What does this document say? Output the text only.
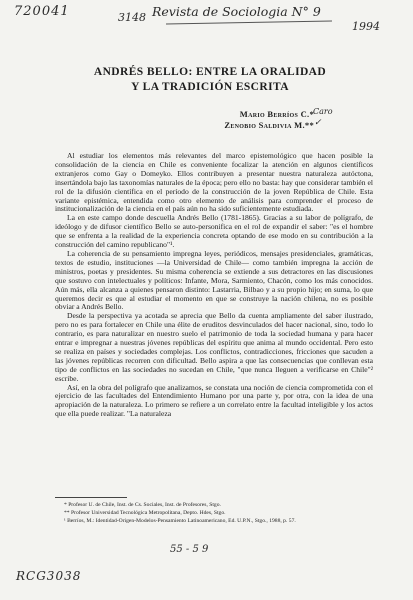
720041	3148 Revista de Sociologia N° 9
1994
ANDRÉS BELLO: ENTRE LA ORALIDAD
Y LA TRADICIÓN ESCRITA
Mario Berríos C.*
Zenobio Saldivia M.**
Caro
✓

Al estudiar los elementos más relevantes del marco epistemológico que hacen posible la consolidación de la ciencia en Chile es conveniente focalizar la atención en algunos científicos extranjeros como Gay o Domeyko. Ellos contribuyen a presentar nuestra naturaleza autóctona, insertándola bajo las taxonomías naturales de la época; pero ello no basta: hay que considerar también el rol de la difusión científica en el período de la construcción de la joven República de Chile. Esta variante epistémica, entendida como otro elemento de análisis para comprender el proceso de institucionalización de la ciencia en el país aún no ha sido suficientemente estudiada.

La en este campo donde descuella Andrés Bello (1781-1865). Gracias a su labor de polígrafo, de ideólogo y de difusor científico Bello se auto-personifica en el rol de expandir el saber: "es el hombre que se enfrenta a la realidad de la experiencia concreta optando de ese modo en su contribución a la construcción del camino republicano"¹.

La coherencia de su pensamiento impregna leyes, periódicos, mensajes presidenciales, gramáticas, textos de estudio, instituciones —la Universidad de Chile— como también impregna la acción de ministros, poetas y presidentes. Su misma coherencia se extiende a sus detractores en las discusiones que sostuvo con intelectuales y políticos: Infante, Mora, Sarmiento, Chacón, como los más conocidos. Aún más, ella alcanza a quienes pensaron distinto: Lastarria, Bilbao y a su propio hijo; en suma, lo que queremos decir es que al estudiar el momento en que se construye la nación chilena, no es posible obviar a Andrés Bello.

Desde la perspectiva ya acotada se aprecia que Bello da cuenta ampliamente del saber ilustrado, pero no es para fortalecer en Chile una élite de eruditos desvinculados del hacer nacional, sino, todo lo contrario, es para naturalizar en nuestro suelo el patrimonio de toda la sociedad humana y para hacer entrar e impregnar a nuestras jóvenes repúblicas del espíritu que anima al mundo occidental. Pero esto se realiza en países y sociedades complejas. Los conflictos, contradicciones, fricciones que sacuden a las jóvenes repúblicas recorren con dificultad. Bello aspira a que las consecuencias que conllevan esta tipo de conflictos en las sociedades no sucedan en Chile, "que nunca lleguen a verificarse en Chile"² escribe.

Así, en la obra del polígrafo que analizamos, se constata una noción de ciencia comprometida con el ejercicio de las facultades del Entendimiento Humano por una parte y, por otra, con la idea de una apropiación de la naturaleza. Lo primero se refiere a un correlato entre la facultad inteligible y los actos que ella puede realizar. "La naturaleza

* Profesor U. de Chile, Inst. de Cs. Sociales, Inst. de Profesores, Stgo.

** Profesor Universidad Tecnológica Metropolitana, Depto. Hdes, Stgo.

¹ Berríos, M.: Identidad-Origen-Modelos-Pensamiento Latinoamericano, Ed. U.P.N., Stgo., 1988, p. 57.

55 - 5 9
RCG3038
